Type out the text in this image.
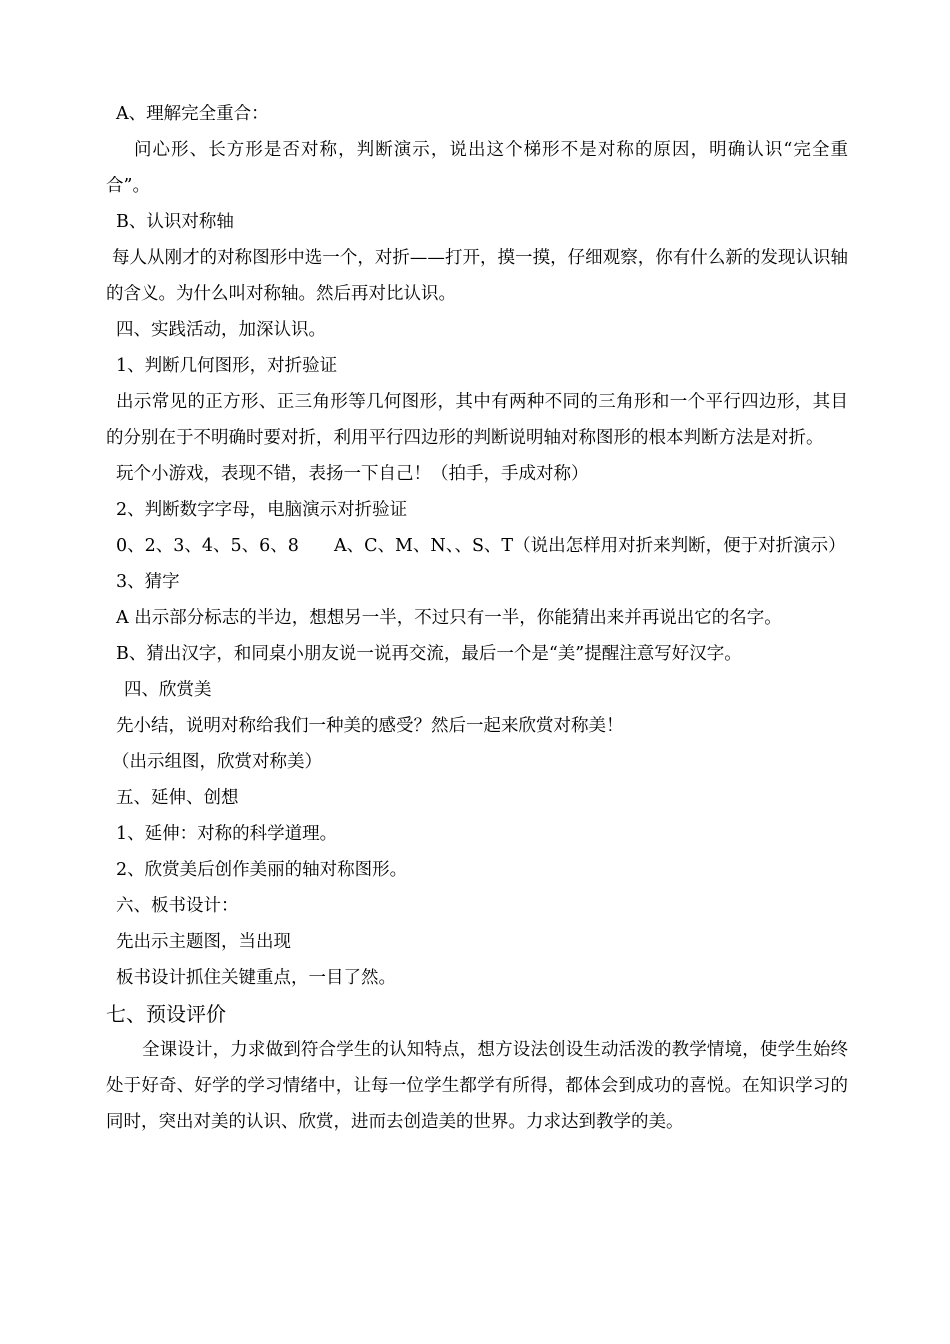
A、理解完全重合：

问心形、长方形是否对称，判断演示，说出这个梯形不是对称的原因，明确认识“完全重合”。

B、认识对称轴

每人从刚才的对称图形中选一个，对折——打开，摸一摸，仔细观察，你有什么新的发现认识轴的含义。为什么叫对称轴。然后再对比认识。

四、实践活动，加深认识。

1、判断几何图形，对折验证

出示常见的正方形、正三角形等几何图形，其中有两种不同的三角形和一个平行四边形，其目的分别在于不明确时要对折，利用平行四边形的判断说明轴对称图形的根本判断方法是对折。

玩个小游戏，表现不错，表扬一下自己！（拍手，手成对称）

2、判断数字字母，电脑演示对折验证

0、2、3、4、5、6、8　　A、C、M、N、、S、T（说出怎样用对折来判断，便于对折演示）

3、猜字

A 出示部分标志的半边，想想另一半，不过只有一半，你能猜出来并再说出它的名字。

B、猜出汉字，和同桌小朋友说一说再交流，最后一个是“美”提醒注意写好汉字。

四、欣赏美

先小结，说明对称给我们一种美的感受？然后一起来欣赏对称美！

（出示组图，欣赏对称美）

五、延伸、创想

1、延伸：对称的科学道理。

2、欣赏美后创作美丽的轴对称图形。

六、板书设计：

先出示主题图，当出现

板书设计抓住关键重点，一目了然。

七、预设评价

全课设计，力求做到符合学生的认知特点，想方设法创设生动活泼的教学情境，使学生始终处于好奇、好学的学习情绪中，让每一位学生都学有所得，都体会到成功的喜悦。在知识学习的同时，突出对美的认识、欣赏，进而去创造美的世界。力求达到教学的美。
